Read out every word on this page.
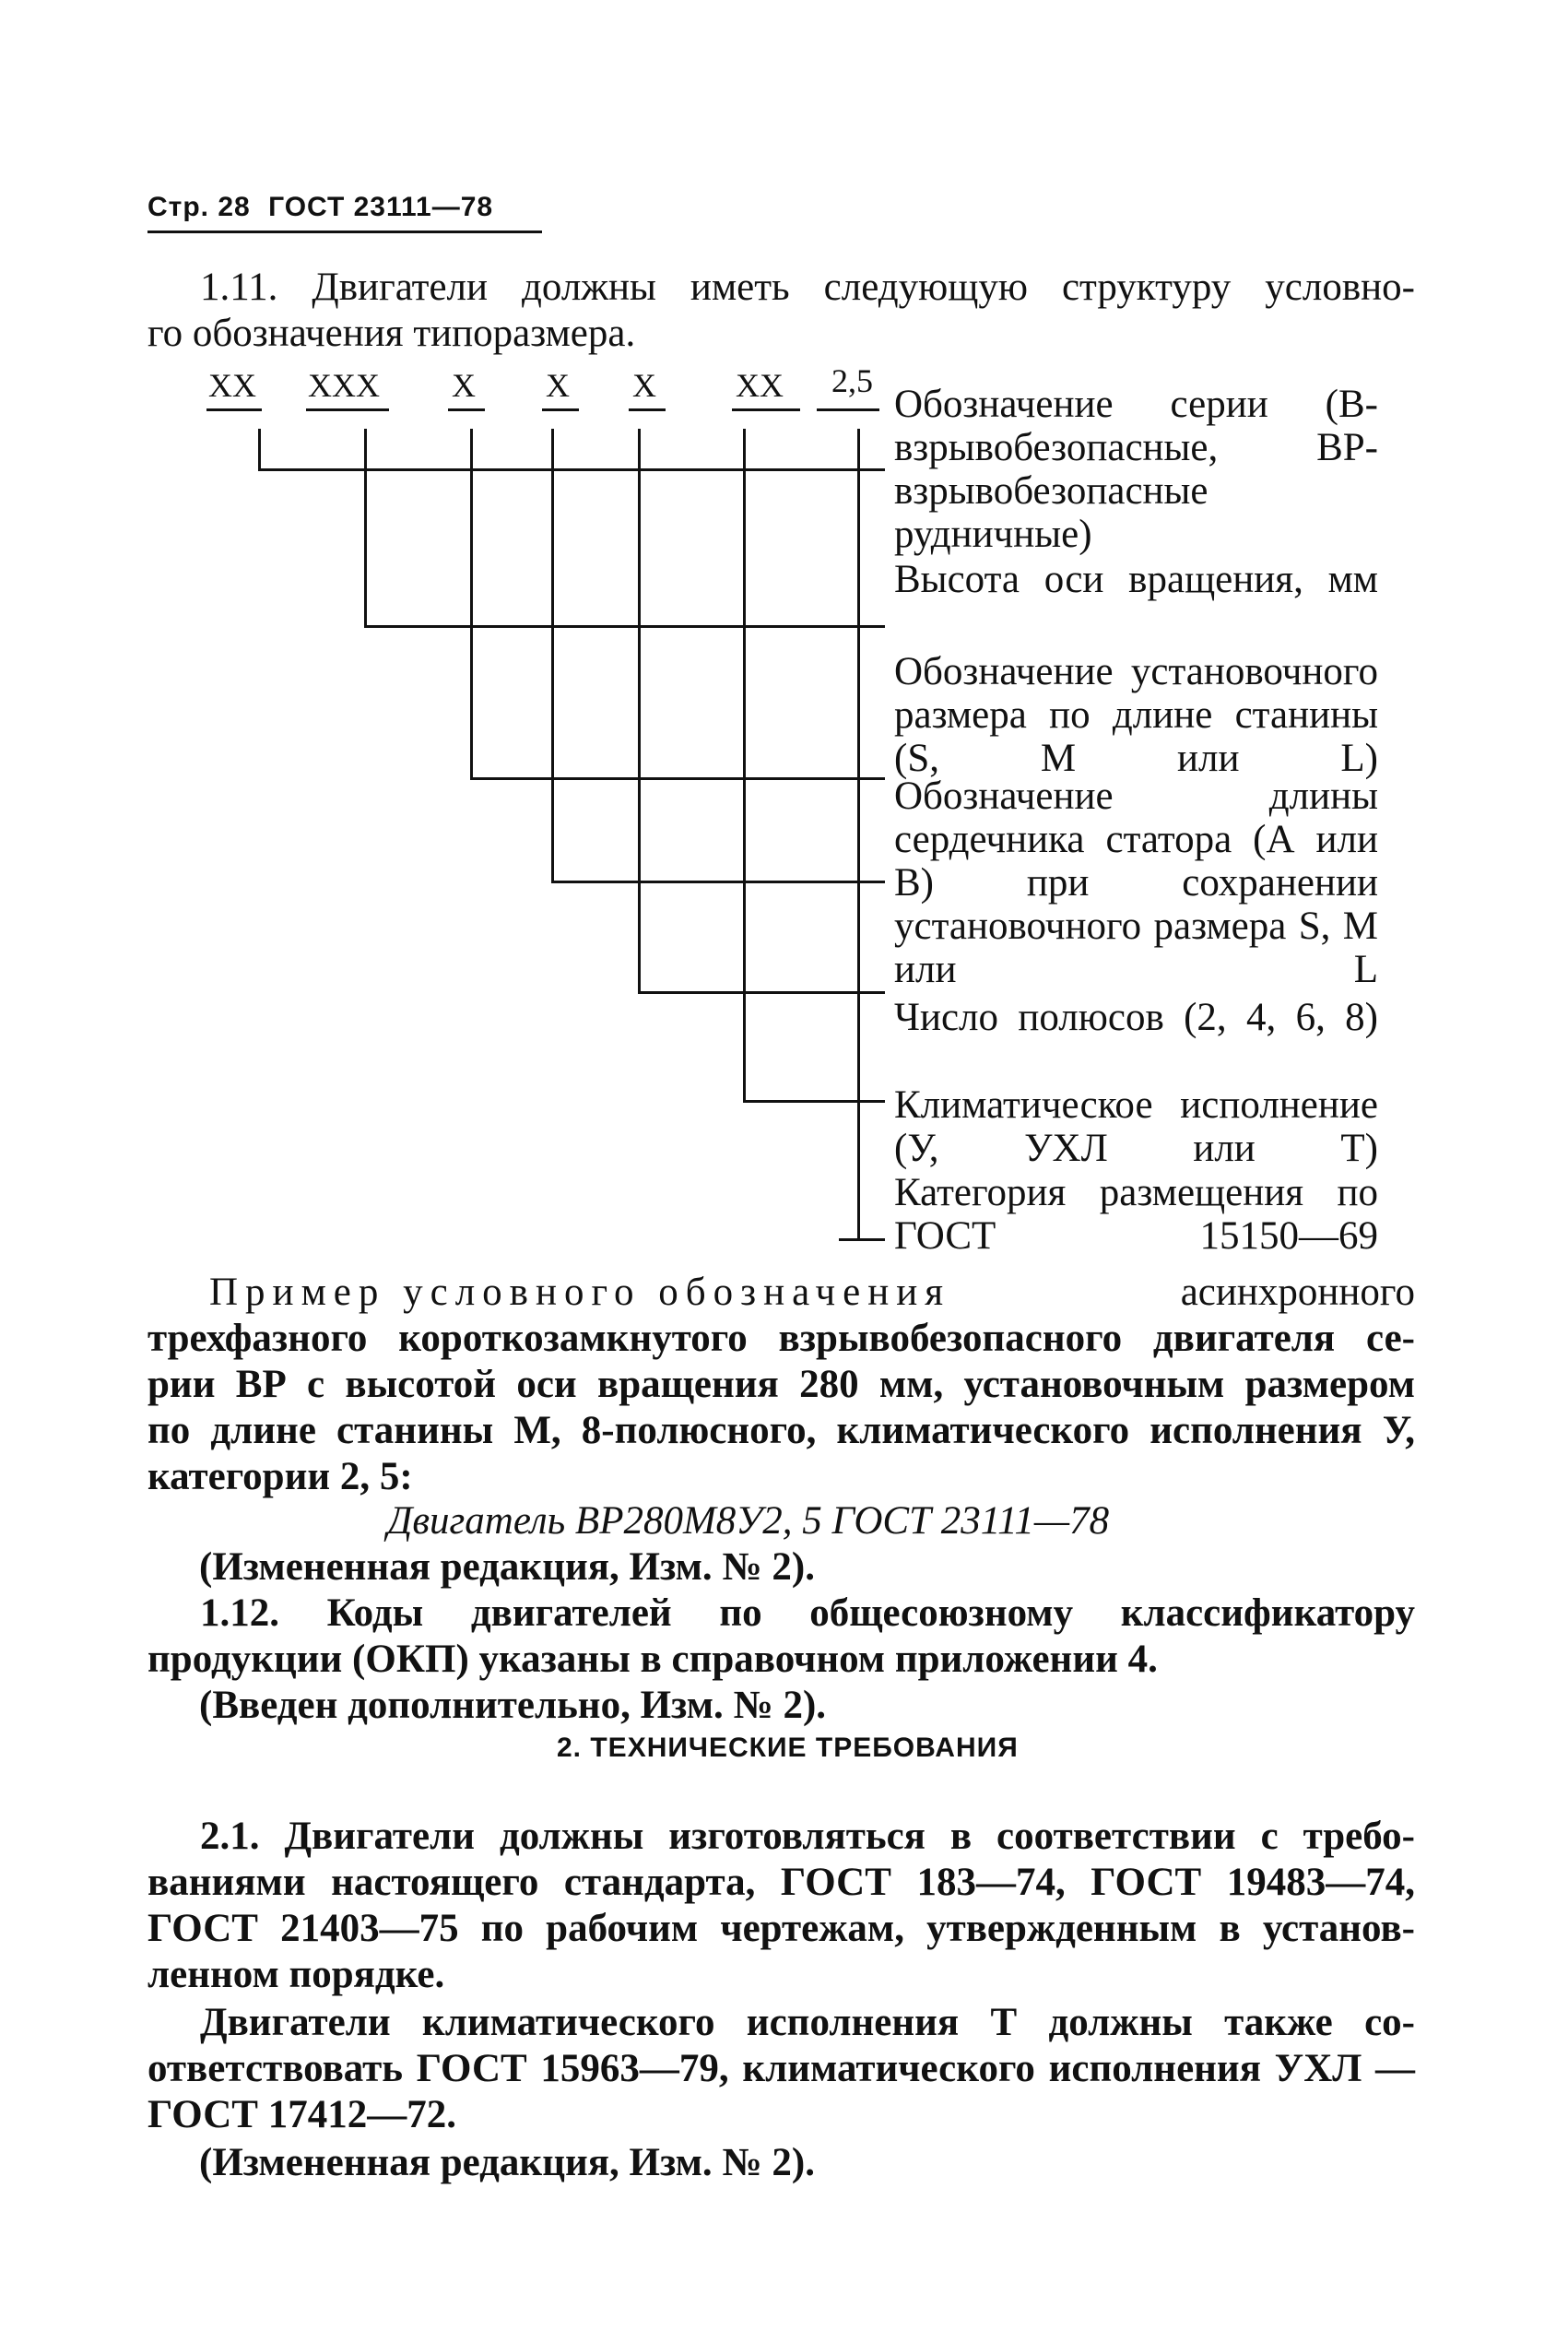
Стр. 28 ГОСТ 23111—78
1.11. Двигатели должны иметь следующую структуру условно-
го обозначения типоразмера.
XX XXX X X X XX 2,5
Обозначение серии (В-взрывобезопасные, ВР-взрывобезопасные рудничные)
Высота оси вращения, мм
Обозначение установочного размера по длине станины (S, M или L)
Обозначение длины сердечника статора (А или В) при сохранении установочного размера S, M или L
Число полюсов (2, 4, 6, 8)
Климатическое исполнение (У, УХЛ или Т)
Категория размещения по ГОСТ 15150—69
Пример условного обозначения	асинхронного
трехфазного короткозамкнутого взрывобезопасного двигателя се-
рии ВР с высотой оси вращения 280 мм, установочным размером
по длине станины М, 8-полюсного, климатического исполнения У,
категории 2, 5:
Двигатель ВР280М8У2, 5 ГОСТ 23111—78
(Измененная редакция, Изм. № 2).
1.12. Коды двигателей по общесоюзному классификатору
продукции (ОКП) указаны в справочном приложении 4.
(Введен дополнительно, Изм. № 2).
2. ТЕХНИЧЕСКИЕ ТРЕБОВАНИЯ
2.1. Двигатели должны изготовляться в соответствии с требо-
ваниями настоящего стандарта, ГОСТ 183—74, ГОСТ 19483—74,
ГОСТ 21403—75 по рабочим чертежам, утвержденным в установ-
ленном порядке.
Двигатели климатического исполнения Т должны также со-
ответствовать ГОСТ 15963—79, климатического исполнения УХЛ —
ГОСТ 17412—72.
(Измененная редакция, Изм. № 2).
